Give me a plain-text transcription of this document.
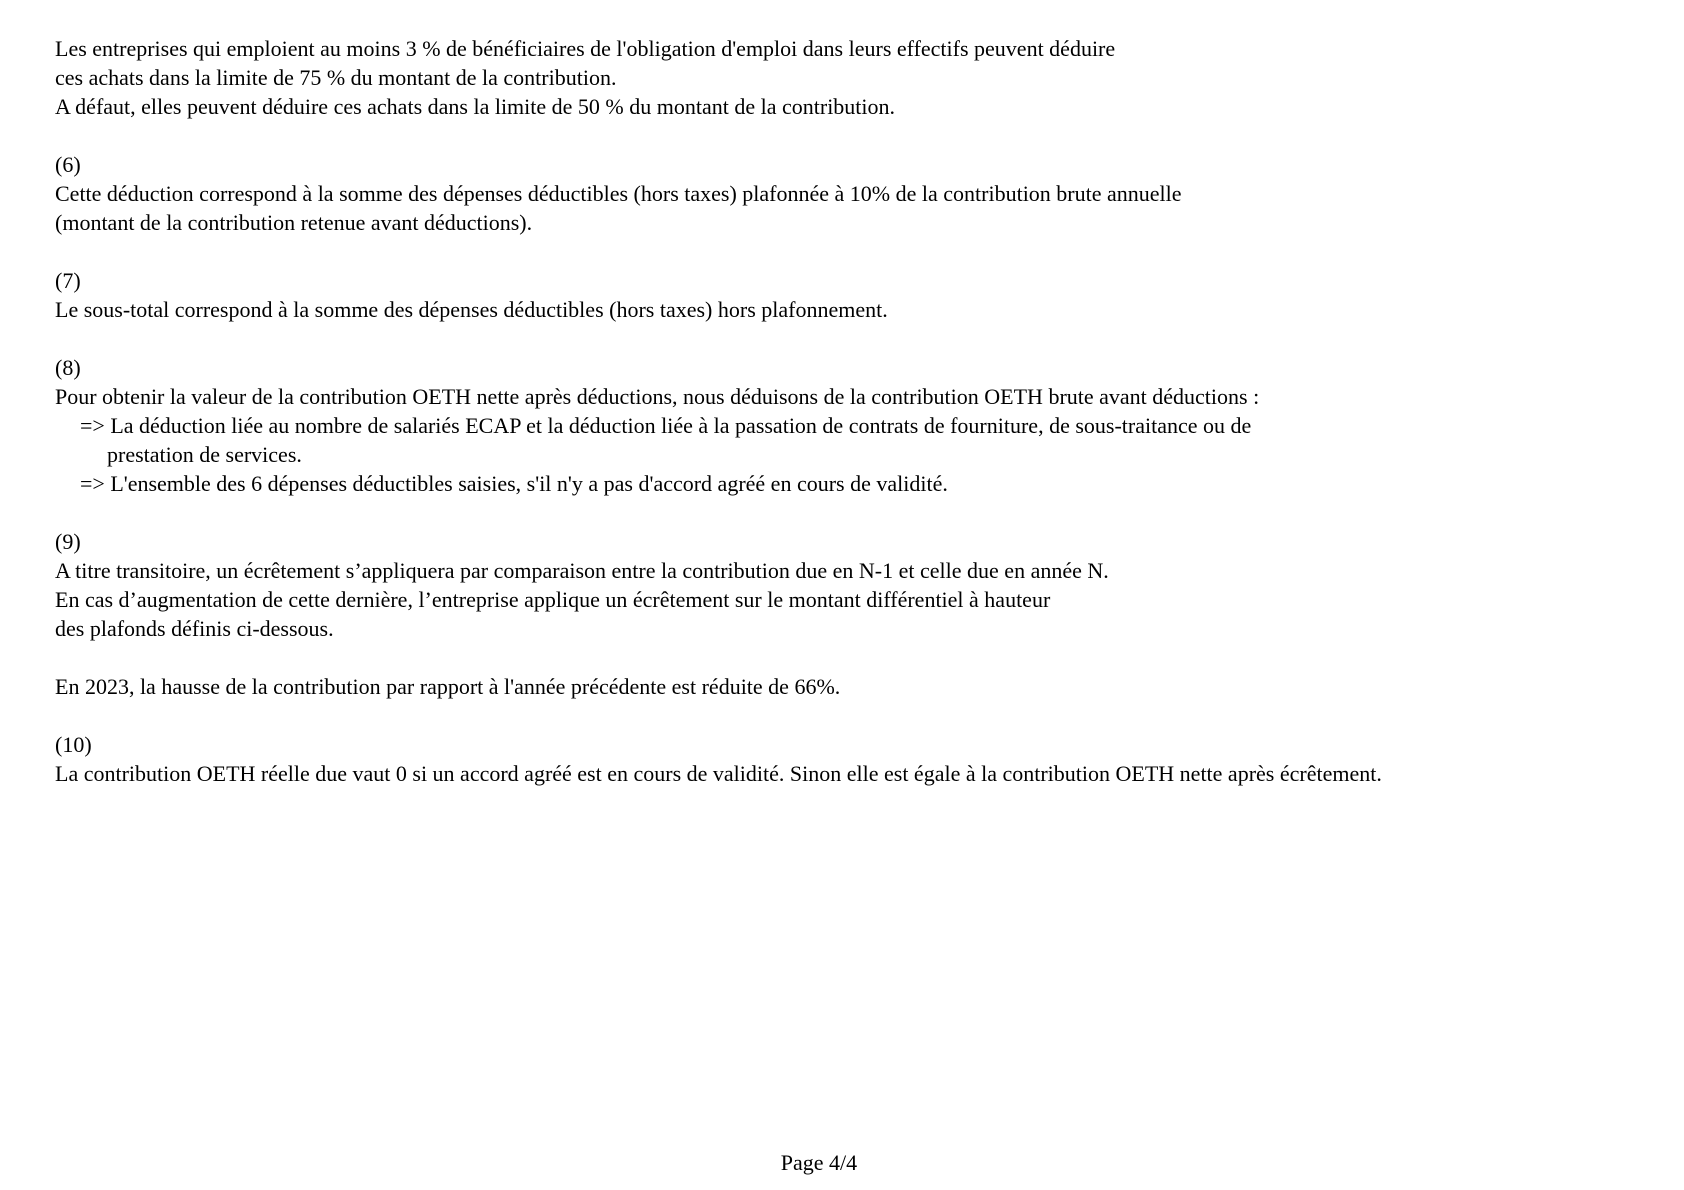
Les entreprises qui emploient au moins 3 % de bénéficiaires de l'obligation d'emploi dans leurs effectifs peuvent déduire
ces achats dans la limite de 75 % du montant de la contribution.
A défaut, elles peuvent déduire ces achats dans la limite de 50 % du montant de la contribution.
(6)
Cette déduction correspond à la somme des dépenses déductibles (hors taxes) plafonnée à 10% de la contribution brute annuelle
(montant de la contribution retenue avant déductions).
(7)
Le sous-total correspond à la somme des dépenses déductibles (hors taxes) hors plafonnement.
(8)
Pour obtenir la valeur de la contribution OETH nette après déductions, nous déduisons de la contribution OETH brute avant déductions :
=> La déduction liée au nombre de salariés ECAP et la déduction liée à la passation de contrats de fourniture, de sous-traitance ou de
prestation de services.
=> L'ensemble des 6 dépenses déductibles saisies, s'il n'y a pas d'accord agréé en cours de validité.
(9)
A titre transitoire, un écrêtement s’appliquera par comparaison entre la contribution due en N-1 et celle due en année N.
En cas d’augmentation de cette dernière, l’entreprise applique un écrêtement sur le montant différentiel à hauteur
des plafonds définis ci-dessous.
En 2023, la hausse de la contribution par rapport à l'année précédente est réduite de 66%.
(10)
La contribution OETH réelle due vaut 0 si un accord agréé est en cours de validité. Sinon elle est égale à la contribution OETH nette après écrêtement.
Page 4/4
